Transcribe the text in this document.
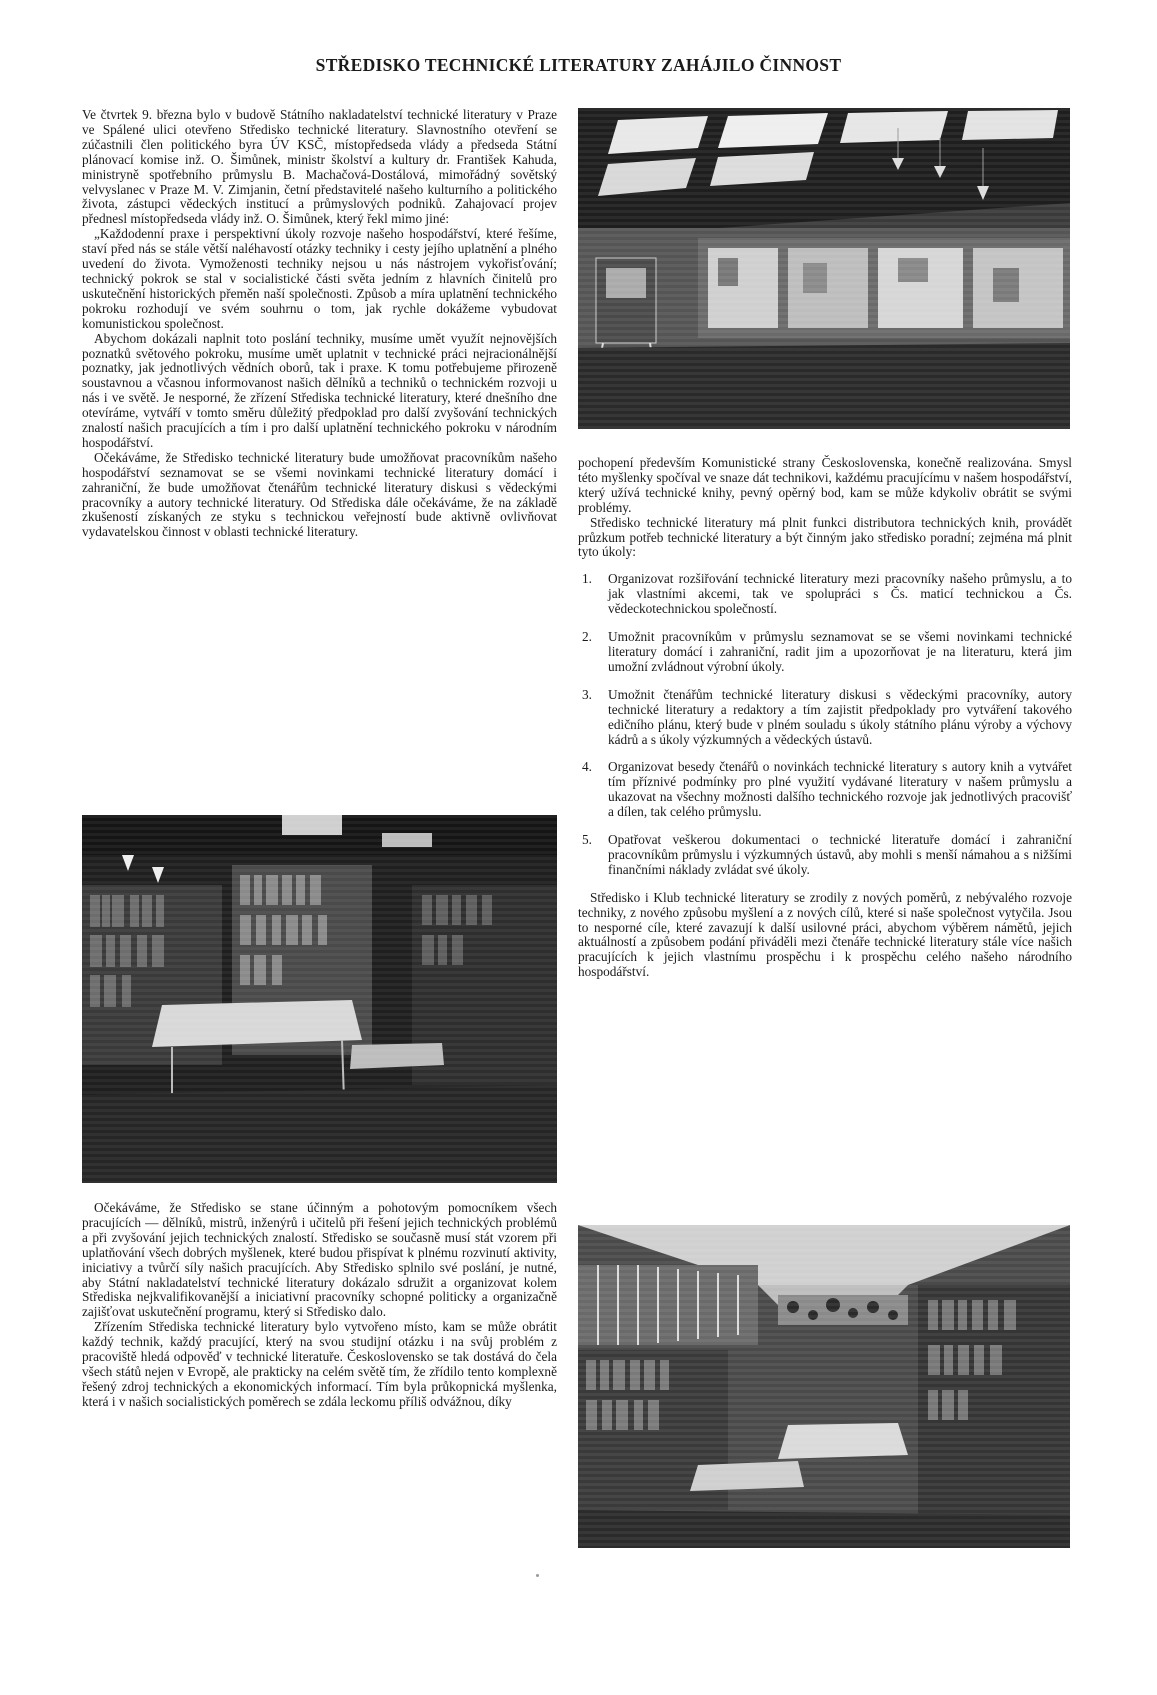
STŘEDISKO TECHNICKÉ LITERATURY ZAHÁJILO ČINNOST

Ve čtvrtek 9. března bylo v budově Státního nakladatelství technické literatury v Praze ve Spálené ulici otevřeno Středisko technické literatury. Slavnostního otevření se zúčastnili člen politického byra ÚV KSČ, místopředseda vlády a předseda Státní plánovací komise inž. O. Šimůnek, ministr školství a kultury dr. František Kahuda, ministryně spotřebního průmyslu B. Machačová-Dostálová, mimořádný sovětský velvyslanec v Praze M. V. Zimjanin, četní představitelé našeho kulturního a politického života, zástupci vědeckých institucí a průmyslových podniků. Zahajovací projev přednesl místopředseda vlády inž. O. Šimůnek, který řekl mimo jiné:

„Každodenní praxe i perspektivní úkoly rozvoje našeho hospodářství, které řešíme, staví před nás se stále větší naléhavostí otázky techniky i cesty jejího uplatnění a plného uvedení do života. Vymoženosti techniky nejsou u nás nástrojem vykořisťování; technický pokrok se stal v socialistické části světa jedním z hlavních činitelů pro uskutečnění historických přeměn naší společnosti. Způsob a míra uplatnění technického pokroku rozhodují ve svém souhrnu o tom, jak rychle dokážeme vybudovat komunistickou společnost.

Abychom dokázali naplnit toto poslání techniky, musíme umět využít nejnovějších poznatků světového pokroku, musíme umět uplatnit v technické práci nejracionálnější poznatky, jak jednotlivých vědních oborů, tak i praxe. K tomu potřebujeme přirozeně soustavnou a včasnou informovanost našich dělníků a techniků o technickém rozvoji u nás i ve světě. Je nesporné, že zřízení Střediska technické literatury, které dnešního dne otevíráme, vytváří v tomto směru důležitý předpoklad pro další zvyšování technických znalostí našich pracujících a tím i pro další uplatnění technického pokroku v národním hospodářství.

Očekáváme, že Středisko technické literatury bude umožňovat pracovníkům našeho hospodářství seznamovat se se všemi novinkami technické literatury domácí i zahraniční, že bude umožňovat čtenářům technické literatury diskusi s vědeckými pracovníky a autory technické literatury. Od Střediska dále očekáváme, že na základě zkušeností získaných ze styku s technickou veřejností bude aktivně ovlivňovat vydavatelskou činnost v oblasti technické literatury.

Očekáváme, že Středisko se stane účinným a pohotovým pomocníkem všech pracujících — dělníků, mistrů, inženýrů i učitelů při řešení jejich technických problémů a při zvyšování jejich technických znalostí. Středisko se současně musí stát vzorem při uplatňování všech dobrých myšlenek, které budou přispívat k plnému rozvinutí aktivity, iniciativy a tvůrčí síly našich pracujících. Aby Středisko splnilo své poslání, je nutné, aby Státní nakladatelství technické literatury dokázalo sdružit a organizovat kolem Střediska nejkvalifikovanější a iniciativní pracovníky schopné politicky a organizačně zajišťovat uskutečnění programu, který si Středisko dalo.

Zřízením Střediska technické literatury bylo vytvořeno místo, kam se může obrátit každý technik, každý pracující, který na svou studijní otázku i na svůj problém z pracoviště hledá odpověď v technické literatuře. Československo se tak dostává do čela všech států nejen v Evropě, ale prakticky na celém světě tím, že zřídilo tento komplexně řešený zdroj technických a ekonomických informací. Tím byla průkopnická myšlenka, která i v našich socialistických poměrech se zdála leckomu příliš odvážnou, díky

pochopení především Komunistické strany Československa, konečně realizována. Smysl této myšlenky spočíval ve snaze dát technikovi, každému pracujícímu v našem hospodářství, který užívá technické knihy, pevný opěrný bod, kam se může kdykoliv obrátit se svými problémy.

Středisko technické literatury má plnit funkci distributora technických knih, provádět průzkum potřeb technické literatury a být činným jako středisko poradní; zejména má plnit tyto úkoly:

1.	Organizovat rozšiřování technické literatury mezi pracovníky našeho průmyslu, a to jak vlastními akcemi, tak ve spolupráci s Čs. maticí technickou a Čs. vědeckotechnickou společností.
2.	Umožnit pracovníkům v průmyslu seznamovat se se všemi novinkami technické literatury domácí i zahraniční, radit jim a upozorňovat je na literaturu, která jim umožní zvládnout výrobní úkoly.
3.	Umožnit čtenářům technické literatury diskusi s vědeckými pracovníky, autory technické literatury a redaktory a tím zajistit předpoklady pro vytváření takového edičního plánu, který bude v plném souladu s úkoly státního plánu výroby a výchovy kádrů a s úkoly výzkumných a vědeckých ústavů.
4.	Organizovat besedy čtenářů o novinkách technické literatury s autory knih a vytvářet tím příznivé podmínky pro plné využití vydávané literatury v našem průmyslu a ukazovat na všechny možnosti dalšího technického rozvoje jak jednotlivých pracovišť a dílen, tak celého průmyslu.
5.	Opatřovat veškerou dokumentaci o technické literatuře domácí i zahraniční pracovníkům průmyslu i výzkumných ústavů, aby mohli s menší námahou a s nižšími finančními náklady zvládat své úkoly.

Středisko i Klub technické literatury se zrodily z nových poměrů, z nebývalého rozvoje techniky, z nového způsobu myšlení a z nových cílů, které si naše společnost vytyčila. Jsou to nesporné cíle, které zavazují k další usilovné práci, abychom výběrem námětů, jejich aktuálností a způsobem podání přiváděli mezi čtenáře technické literatury stále více našich pracujících k jejich vlastnímu prospěchu i k prospěchu celého našeho národního hospodářství.
